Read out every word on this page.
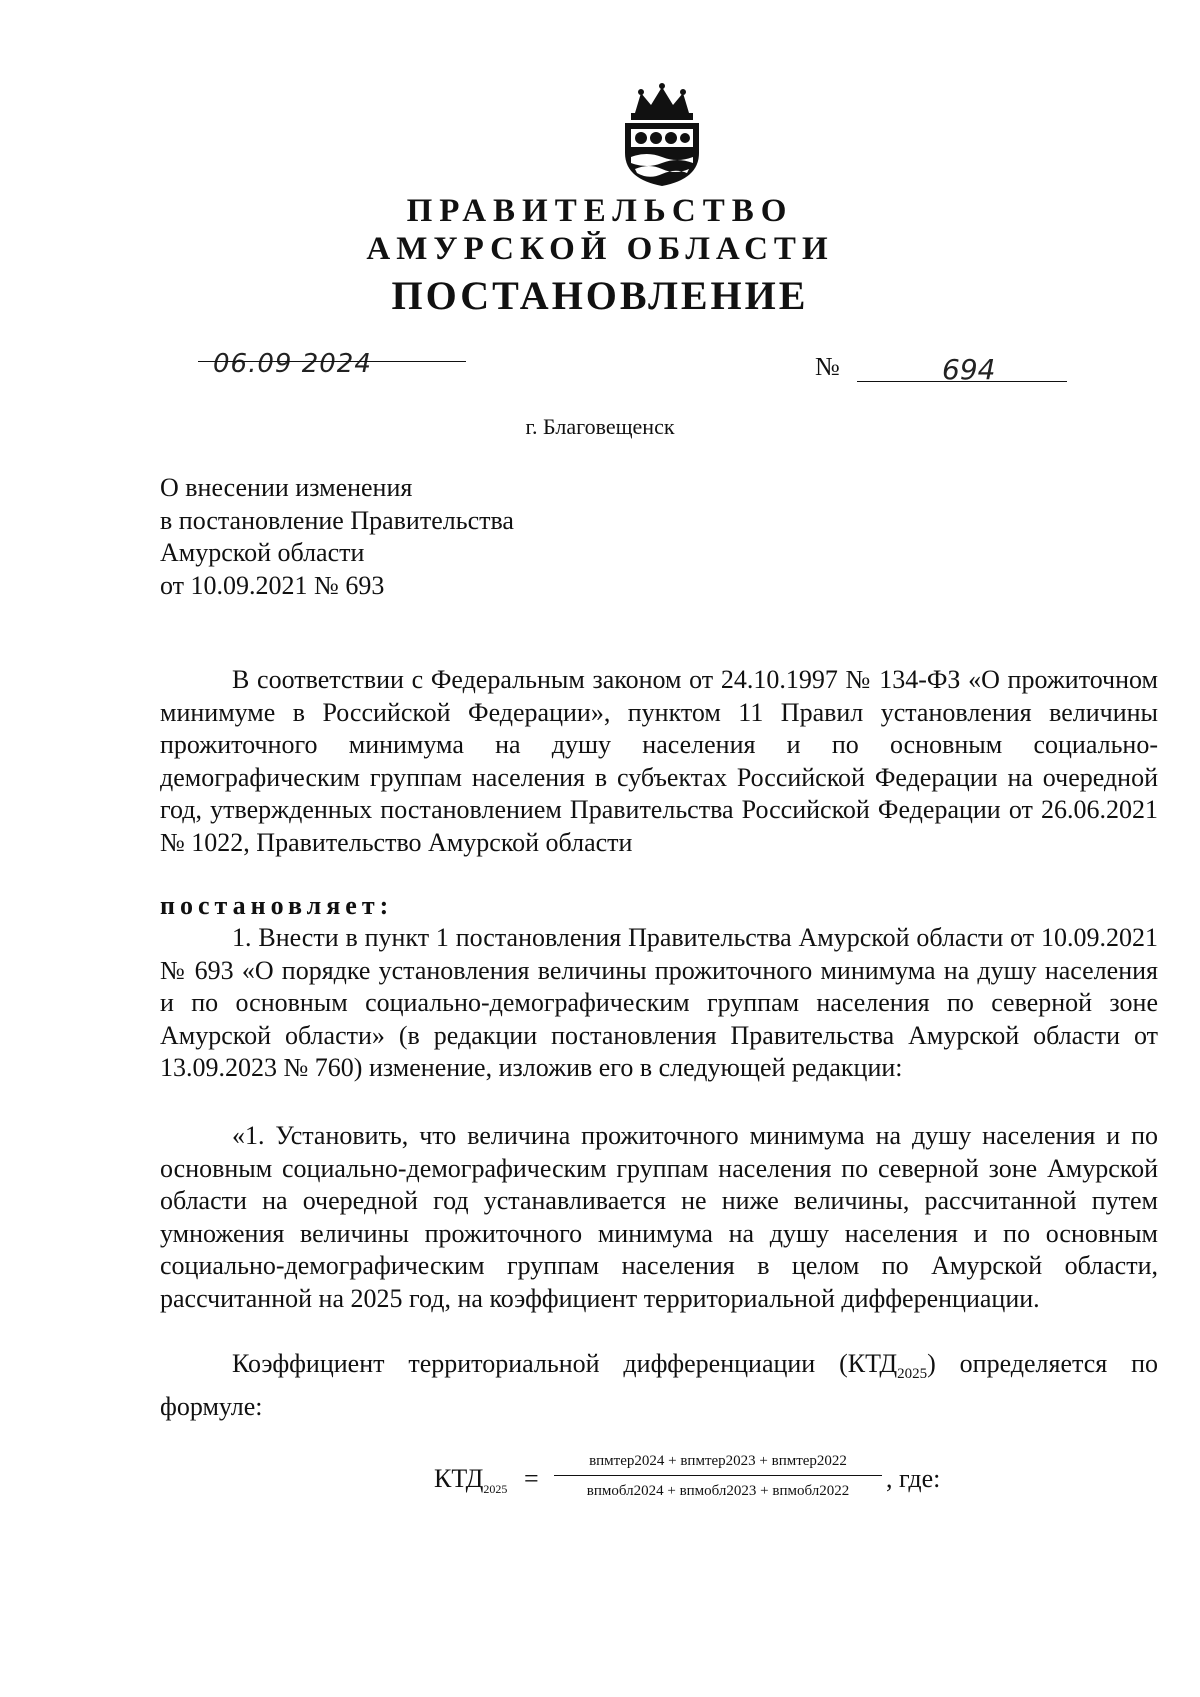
ПРАВИТЕЛЬСТВО
АМУРСКОЙ ОБЛАСТИ
ПОСТАНОВЛЕНИЕ
06.09 2024	№	694
г. Благовещенск
О внесении изменения
в постановление Правительства
Амурской области
от 10.09.2021 № 693
В соответствии с Федеральным законом от 24.10.1997 № 134-ФЗ «О прожиточном минимуме в Российской Федерации», пунктом 11 Правил установления величины прожиточного минимума на душу населения и по основным социально-демографическим группам населения в субъектах Российской Федерации на очередной год, утвержденных постановлением Правительства Российской Федерации от 26.06.2021 № 1022, Правительство Амурской области
постановляет:
1. Внести в пункт 1 постановления Правительства Амурской области от 10.09.2021 № 693 «О порядке установления величины прожиточного минимума на душу населения и по основным социально-демографическим группам населения по северной зоне Амурской области» (в редакции постановления Правительства Амурской области от 13.09.2023 № 760) изменение, изложив его в следующей редакции:
«1. Установить, что величина прожиточного минимума на душу населения и по основным социально-демографическим группам населения по северной зоне Амурской области на очередной год устанавливается не ниже величины, рассчитанной путем умножения величины прожиточного минимума на душу населения и по основным социально-демографическим группам населения в целом по Амурской области, рассчитанной на 2025 год, на коэффициент территориальной дифференциации.
Коэффициент территориальной дифференциации $(КТД_{2025})$ определяется по формуле:
$КТД_{2025}$ =
впмтер2024 + впмтер2023 + впмтер2022
впмобл2024 + впмобл2023 + впмобл2022	, где:
